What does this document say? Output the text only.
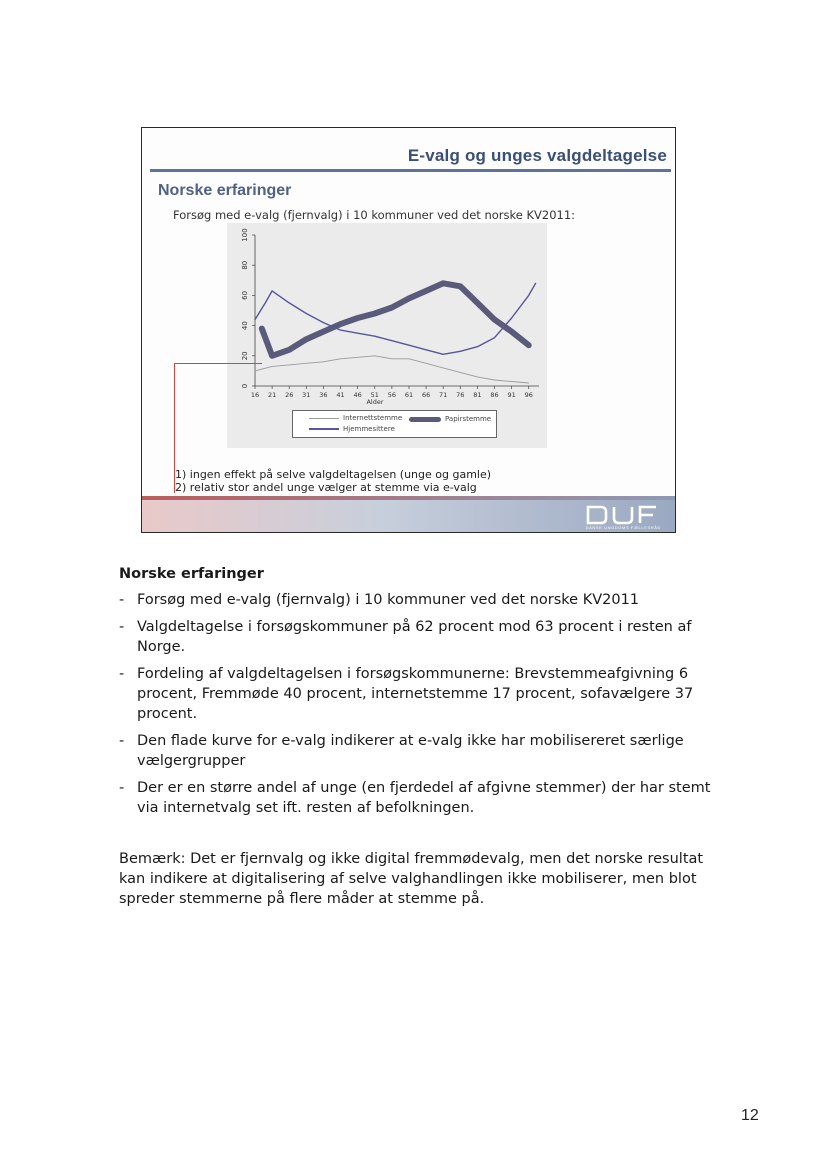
E-valg og unges valgdeltagelse
Norske erfaringer
Forsøg med e-valg (fjernvalg) i 10 kommuner ved det norske KV2011:
0
20
40
60
80
100
16 21 26 31 36 41 46 51 56 61 66 71 76 81 86 91 96
Alder
Internettstemme
Hjemmesittere
Papirstemme
1) ingen effekt på selve valgdeltagelsen (unge og gamle)
2) relativ stor andel unge vælger at stemme via e-valg
DANSK UNGDOMS FÆLLESRÅD
Norske erfaringer
- Forsøg med e-valg (fjernvalg) i 10 kommuner ved det norske KV2011
- Valgdeltagelse i forsøgskommuner på 62 procent mod 63 procent i resten af Norge.
- Fordeling af valgdeltagelsen i forsøgskommunerne: Brevstemmeafgivning 6 procent, Fremmøde 40 procent, internetstemme 17 procent, sofavælgere 37 procent.
- Den flade kurve for e-valg indikerer at e-valg ikke har mobilisereret særlige vælgergrupper
- Der er en større andel af unge (en fjerdedel af afgivne stemmer) der har stemt via internetvalg set ift. resten af befolkningen.
Bemærk: Det er fjernvalg og ikke digital fremmødevalg, men det norske resultat kan indikere at digitalisering af selve valghandlingen ikke mobiliserer, men blot spreder stemmerne på flere måder at stemme på.
12
